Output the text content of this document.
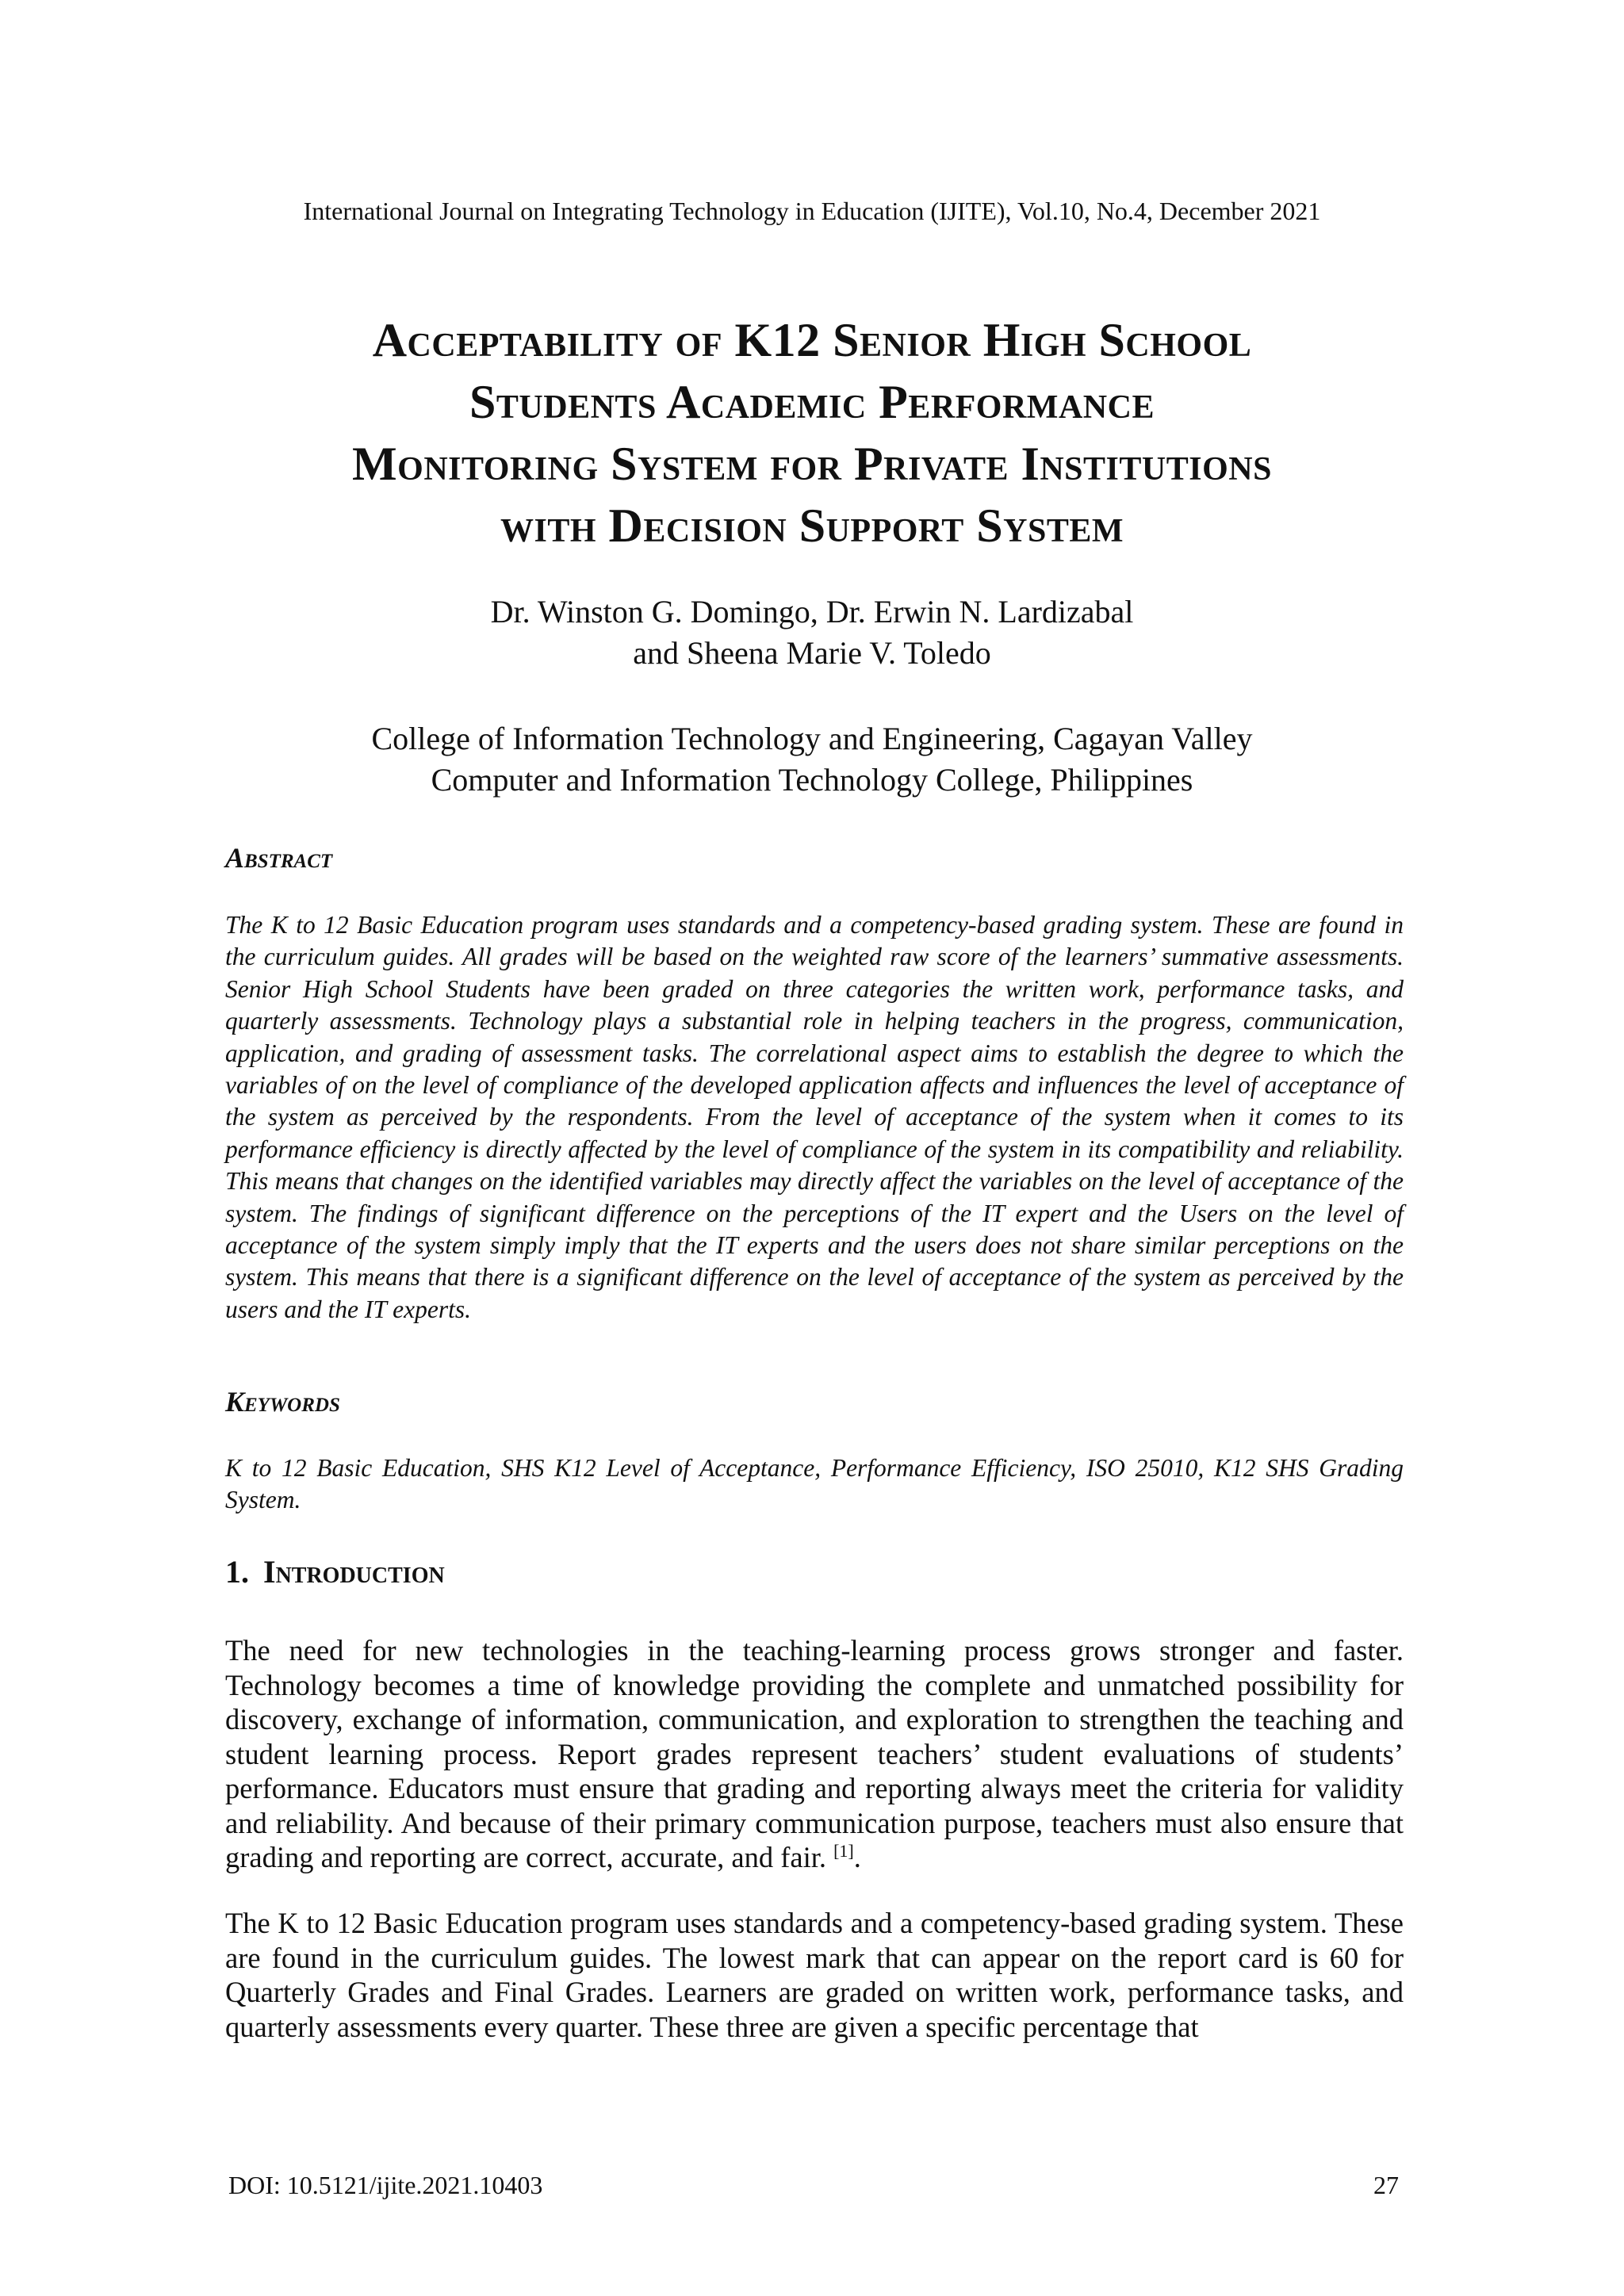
International Journal on Integrating Technology in Education (IJITE), Vol.10, No.4, December 2021
Acceptability of K12 Senior High School
Students Academic Performance
Monitoring System for Private Institutions
with Decision Support System
Dr. Winston G. Domingo, Dr. Erwin N. Lardizabal
and Sheena Marie V. Toledo
College of Information Technology and Engineering, Cagayan Valley
Computer and Information Technology College, Philippines
Abstract

The K to 12 Basic Education program uses standards and a competency-based grading system. These are found in the curriculum guides. All grades will be based on the weighted raw score of the learners’ summative assessments. Senior High School Students have been graded on three categories the written work, performance tasks, and quarterly assessments. Technology plays a substantial role in helping teachers in the progress, communication, application, and grading of assessment tasks. The correlational aspect aims to establish the degree to which the variables of on the level of compliance of the developed application affects and influences the level of acceptance of the system as perceived by the respondents. From the level of acceptance of the system when it comes to its performance efficiency is directly affected by the level of compliance of the system in its compatibility and reliability. This means that changes on the identified variables may directly affect the variables on the level of acceptance of the system. The findings of significant difference on the perceptions of the IT expert and the Users on the level of acceptance of the system simply imply that the IT experts and the users does not share similar perceptions on the system. This means that there is a significant difference on the level of acceptance of the system as perceived by the users and the IT experts.

Keywords

K to 12 Basic Education, SHS K12 Level of Acceptance, Performance Efficiency, ISO 25010, K12 SHS Grading System.

1. Introduction

The need for new technologies in the teaching-learning process grows stronger and faster. Technology becomes a time of knowledge providing the complete and unmatched possibility for discovery, exchange of information, communication, and exploration to strengthen the teaching and student learning process. Report grades represent teachers’ student evaluations of students’ performance. Educators must ensure that grading and reporting always meet the criteria for validity and reliability. And because of their primary communication purpose, teachers must also ensure that grading and reporting are correct, accurate, and fair. [1].

The K to 12 Basic Education program uses standards and a competency-based grading system. These are found in the curriculum guides. The lowest mark that can appear on the report card is 60 for Quarterly Grades and Final Grades. Learners are graded on written work, performance tasks, and quarterly assessments every quarter. These three are given a specific percentage that

DOI: 10.5121/ijite.2021.10403	27
